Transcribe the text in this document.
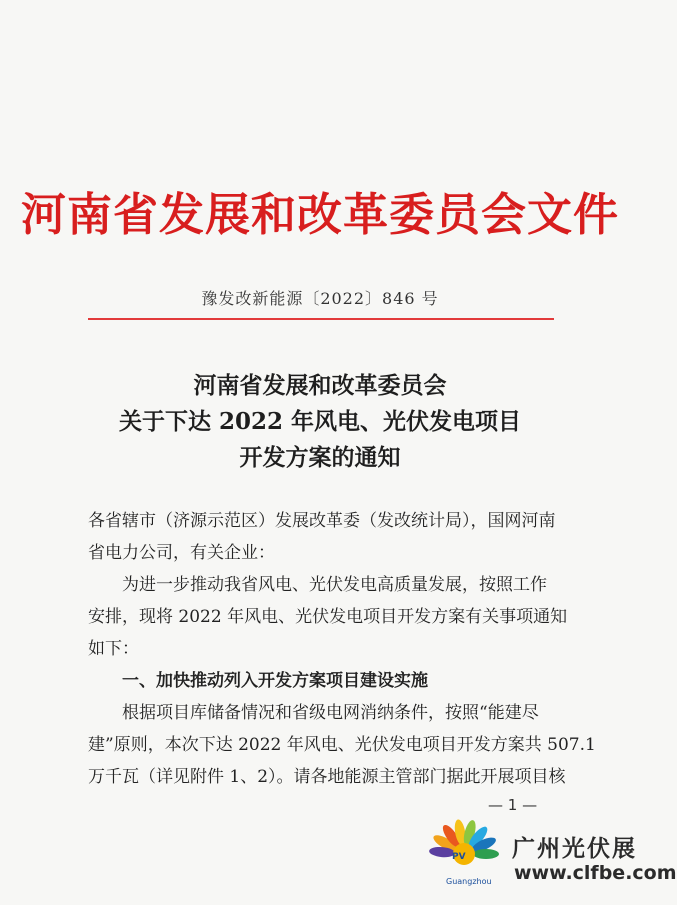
河南省发展和改革委员会文件
豫发改新能源〔2022〕846 号
河南省发展和改革委员会
关于下达 2022 年风电、光伏发电项目
开发方案的通知
各省辖市（济源示范区）发展改革委（发改统计局），国网河南
省电力公司，有关企业：
为进一步推动我省风电、光伏发电高质量发展，按照工作
安排，现将 2022 年风电、光伏发电项目开发方案有关事项通知
如下：
一、加快推动列入开发方案项目建设实施
根据项目库储备情况和省级电网消纳条件，按照“能建尽
建”原则，本次下达 2022 年风电、光伏发电项目开发方案共 507.1
万千瓦（详见附件 1、2）。请各地能源主管部门据此开展项目核
— 1 —
PV
Guangzhou
广州光伏展
www.clfbe.com
